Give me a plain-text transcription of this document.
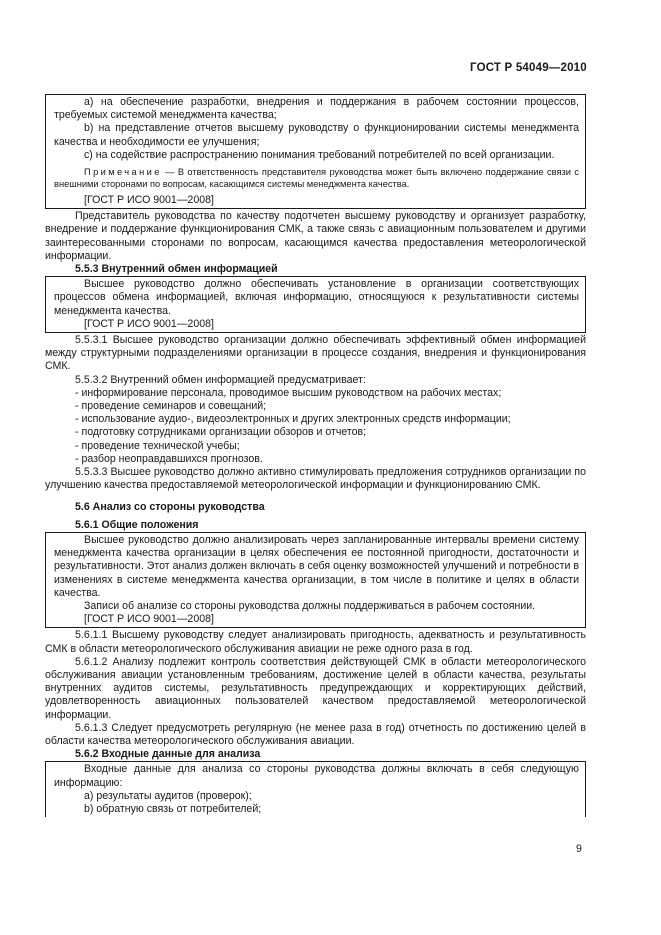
ГОСТ Р 54049—2010

а) на обеспечение разработки, внедрения и поддержания в рабочем состоянии процессов, требуемых системой менеджмента качества;

b) на представление отчетов высшему руководству о функционировании системы менеджмента качества и необходимости ее улучшения;

c) на содействие распространению понимания требований потребителей по всей организации.

Примечание — В ответственность представителя руководства может быть включено поддержание связи с внешними сторонами по вопросам, касающимся системы менеджмента качества.

[ГОСТ Р ИСО 9001—2008]

Представитель руководства по качеству подотчетен высшему руководству и организует разработку, внедрение и поддержание функционирования СМК, а также связь с авиационным пользователем и другими заинтересованными сторонами по вопросам, касающимся качества предоставления метеорологической информации.

5.5.3 Внутренний обмен информацией

Высшее руководство должно обеспечивать установление в организации соответствующих процессов обмена информацией, включая информацию, относящуюся к результативности системы менеджмента качества.

[ГОСТ Р ИСО 9001—2008]

5.5.3.1 Высшее руководство организации должно обеспечивать эффективный обмен информацией между структурными подразделениями организации в процессе создания, внедрения и функционирования СМК.

5.5.3.2 Внутренний обмен информацией предусматривает:

- информирование персонала, проводимое высшим руководством на рабочих местах;

- проведение семинаров и совещаний;

- использование аудио-, видеоэлектронных и других электронных средств информации;

- подготовку сотрудниками организации обзоров и отчетов;

- проведение технической учебы;

- разбор неоправдавшихся прогнозов.

5.5.3.3 Высшее руководство должно активно стимулировать предложения сотрудников организации по улучшению качества предоставляемой метеорологической информации и функционированию СМК.

5.6 Анализ со стороны руководства

5.6.1 Общие положения

Высшее руководство должно анализировать через запланированные интервалы времени систему менеджмента качества организации в целях обеспечения ее постоянной пригодности, достаточности и результативности. Этот анализ должен включать в себя оценку возможностей улучшений и потребности в изменениях в системе менеджмента качества организации, в том числе в политике и целях в области качества.

Записи об анализе со стороны руководства должны поддерживаться в рабочем состоянии.

[ГОСТ Р ИСО 9001—2008]

5.6.1.1 Высшему руководству следует анализировать пригодность, адекватность и результативность СМК в области метеорологического обслуживания авиации не реже одного раза в год.

5.6.1.2 Анализу подлежит контроль соответствия действующей СМК в области метеорологического обслуживания авиации установленным требованиям, достижение целей в области качества, результаты внутренних аудитов системы, результативность предупреждающих и корректирующих действий, удовлетворенность авиационных пользователей качеством предоставляемой метеорологической информации.

5.6.1.3 Следует предусмотреть регулярную (не менее раза в год) отчетность по достижению целей в области качества метеорологического обслуживания авиации.

5.6.2 Входные данные для анализа

Входные данные для анализа со стороны руководства должны включать в себя следующую информацию:

а) результаты аудитов (проверок);

b) обратную связь от потребителей;

9
